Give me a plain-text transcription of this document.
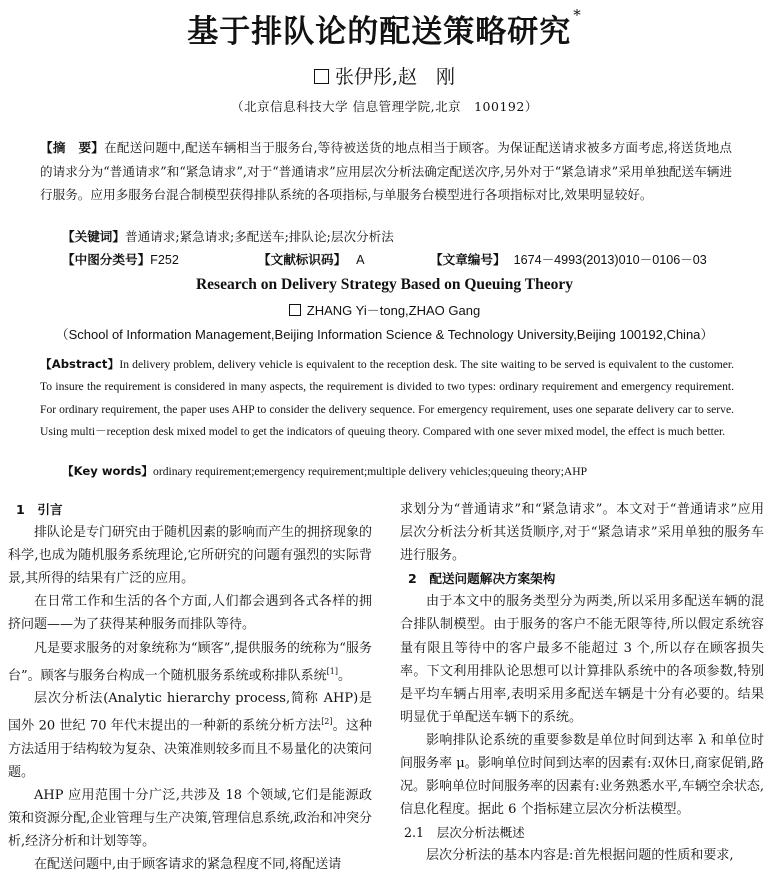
基于排队论的配送策略研究 *
张伊彤,赵　刚
（北京信息科技大学 信息管理学院,北京　100192）
【摘　要】在配送问题中,配送车辆相当于服务台,等待被送货的地点相当于顾客。为保证配送请求被多方面考虑,将送货地点的请求分为“普通请求”和“紧急请求”,对于“普通请求”应用层次分析法确定配送次序,另外对于“紧急请求”采用单独配送车辆进行服务。应用多服务台混合制模型获得排队系统的各项指标,与单服务台模型进行各项指标对比,效果明显较好。
【关键词】普通请求;紧急请求;多配送车;排队论;层次分析法
【中图分类号】F252	【文献标识码】 A	【文章编号】 1674－4993(2013)010－0106－03
Research on Delivery Strategy Based on Queuing Theory
ZHANG Yi－tong,ZHAO Gang
（School of Information Management,Beijing Information Science & Technology University,Beijing 100192,China）
【Abstract】In delivery problem, delivery vehicle is equivalent to the reception desk. The site waiting to be served is equivalent to the customer. To insure the requirement is considered in many aspects, the requirement is divided to two types: ordinary requirement and emergency requirement. For ordinary requirement, the paper uses AHP to consider the delivery sequence. For emergency requirement, uses one separate delivery car to serve. Using multi－reception desk mixed model to get the indicators of queuing theory. Compared with one sever mixed model, the effect is much better.
【Key words】ordinary requirement;emergency requirement;multiple delivery vehicles;queuing theory;AHP

1　引言

排队论是专门研究由于随机因素的影响而产生的拥挤现象的科学,也成为随机服务系统理论,它所研究的问题有强烈的实际背景,其所得的结果有广泛的应用。

在日常工作和生活的各个方面,人们都会遇到各式各样的拥挤问题——为了获得某种服务而排队等待。

凡是要求服务的对象统称为“顾客”,提供服务的统称为“服务台”。顾客与服务台构成一个随机服务系统或称排队系统[1]。

层次分析法(Analytic hierarchy process,简称 AHP)是国外 20 世纪 70 年代末提出的一种新的系统分析方法[2]。这种方法适用于结构较为复杂、决策准则较多而且不易量化的决策问题。

AHP 应用范围十分广泛,共涉及 18 个领域,它们是能源政策和资源分配,企业管理与生产决策,管理信息系统,政治和冲突分析,经济分析和计划等等。

在配送问题中,由于顾客请求的紧急程度不同,将配送请

求划分为“普通请求”和“紧急请求”。本文对于“普通请求”应用层次分析法分析其送货顺序,对于“紧急请求”采用单独的服务车进行服务。

2　配送问题解决方案架构

由于本文中的服务类型分为两类,所以采用多配送车辆的混合排队制模型。由于服务的客户不能无限等待,所以假定系统容量有限且等待中的客户最多不能超过 3 个,所以存在顾客损失率。下文利用排队论思想可以计算排队系统中的各项参数,特别是平均车辆占用率,表明采用多配送车辆是十分有必要的。结果明显优于单配送车辆下的系统。

影响排队论系统的重要参数是单位时间到达率 λ 和单位时间服务率 μ。影响单位时间到达率的因素有:双休日,商家促销,路况。影响单位时间服务率的因素有:业务熟悉水平,车辆空余状态,信息化程度。据此 6 个指标建立层次分析法模型。

2.1　层次分析法概述

层次分析法的基本内容是:首先根据问题的性质和要求,
